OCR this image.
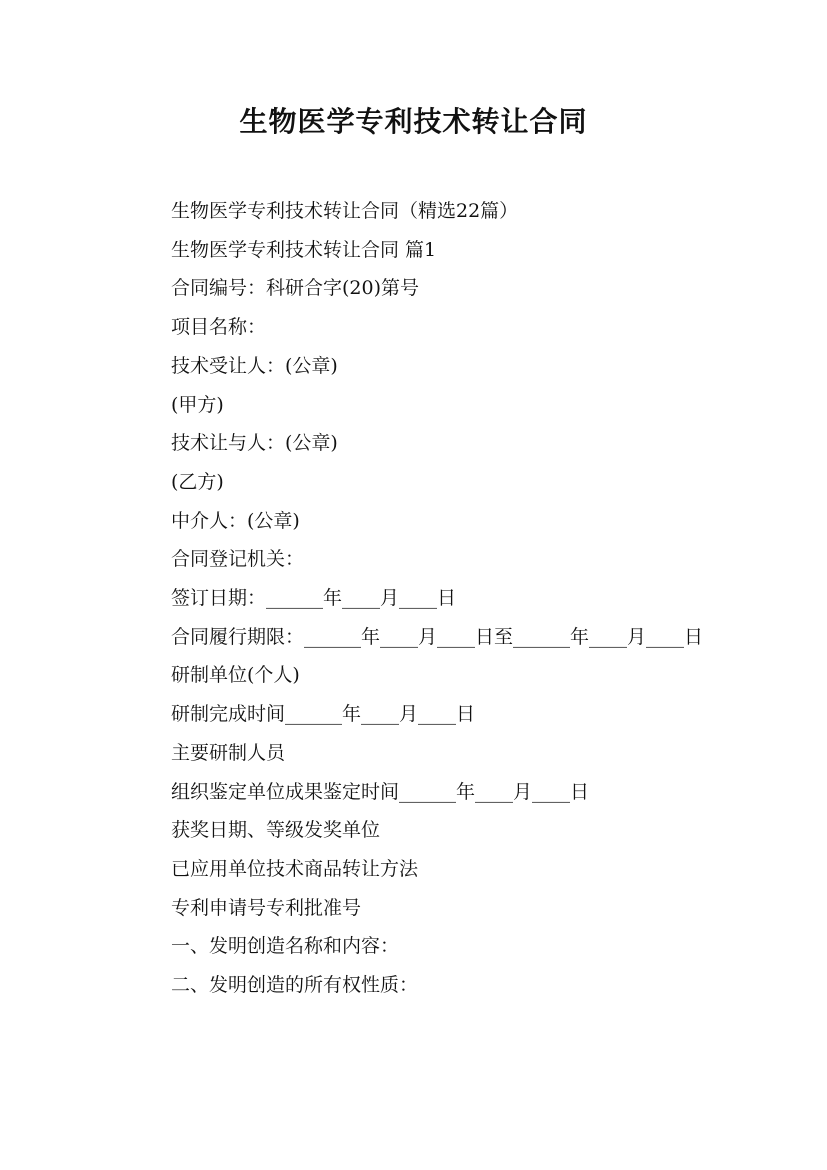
生物医学专利技术转让合同

生物医学专利技术转让合同（精选22篇）

生物医学专利技术转让合同 篇1

合同编号：科研合字(20)第号

项目名称：

技术受让人：(公章)

(甲方)

技术让与人：(公章)

(乙方)

中介人：(公章)

合同登记机关：

签订日期：______年____月____日

合同履行期限：______年____月____日至______年____月____日

研制单位(个人)

研制完成时间______年____月____日

主要研制人员

组织鉴定单位成果鉴定时间______年____月____日

获奖日期、等级发奖单位

已应用单位技术商品转让方法

专利申请号专利批准号

一、发明创造名称和内容：

二、发明创造的所有权性质：
